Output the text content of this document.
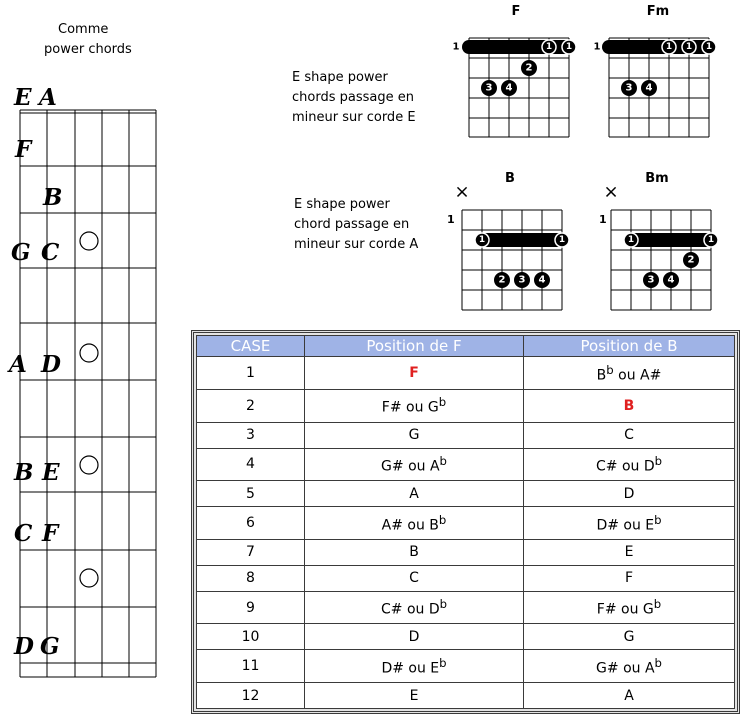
Comme
power chords
E A
F
B
G C
A D
B E
C F
D G
E shape power
chords passage en
mineur sur corde E
E shape power
chord passage en
mineur sur corde A
F	Fm
B	Bm
1	1
1	1 1
2
3 4
1	1 1 1
3 4
×
1	1
2 3 4
×
1	1
2
3 4
CASE	Position de F	Position de B
1	F	$B^b$ ou A#
2	F# ou $G^b$	B
3	G	C
4	G# ou $A^b$	C# ou $D^b$
5	A	D
6	A# ou $B^b$	D# ou $E^b$
7	B	E
8	C	F
9	C# ou $D^b$	F# ou $G^b$
10	D	G
11	D# ou $E^b$	G# ou $A^b$
12	E	A
